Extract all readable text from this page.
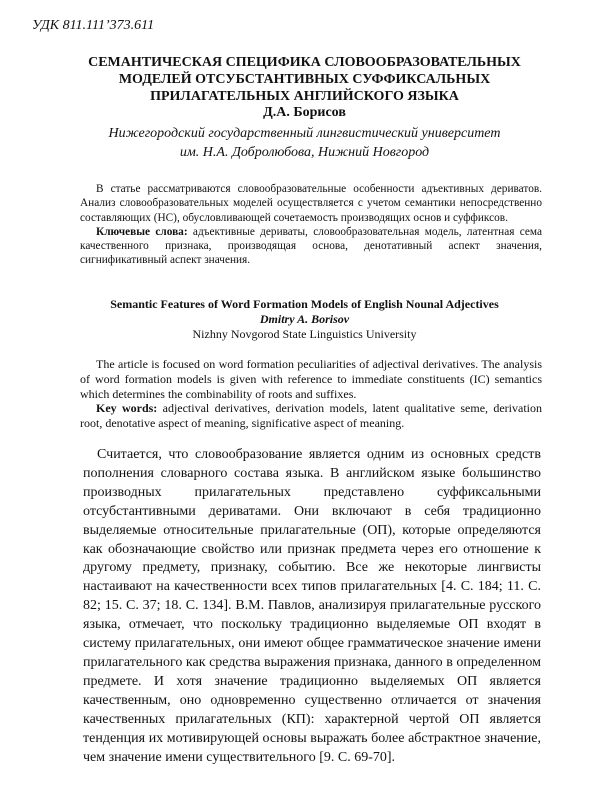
УДК 811.111’373.611
СЕМАНТИЧЕСКАЯ СПЕЦИФИКА СЛОВООБРАЗОВАТЕЛЬНЫХ
МОДЕЛЕЙ ОТСУБСТАНТИВНЫХ СУФФИКСАЛЬНЫХ
ПРИЛАГАТЕЛЬНЫХ АНГЛИЙСКОГО ЯЗЫКА
Д.А. Борисов
Нижегородский государственный лингвистический университет
им. Н.А. Добролюбова, Нижний Новгород

В статье рассматриваются словообразовательные особенности адъективных дериватов. Анализ словообразовательных моделей осуществляется с учетом семантики непосредственно составляющих (НС), обусловливающей сочетаемость производящих основ и суффиксов.

Ключевые слова: адъективные дериваты, словообразовательная модель, латентная сема качественного признака, производящая основа, денотативный аспект значения, сигнификативный аспект значения.

Semantic Features of Word Formation Models of English Nounal Adjectives
Dmitry A. Borisov
Nizhny Novgorod State Linguistics University

The article is focused on word formation peculiarities of adjectival derivatives. The analysis of word formation models is given with reference to immediate constituents (IC) semantics which determines the combinability of roots and suffixes.

Key words: adjectival derivatives, derivation models, latent qualitative seme, derivation root, denotative aspect of meaning, significative aspect of meaning.

Считается, что словообразование является одним из основных средств пополнения словарного состава языка. В английском языке большинство производных прилагательных представлено суффиксальными отсубстантивными дериватами. Они включают в себя традиционно выделяемые относительные прилагательные (ОП), которые определяются как обозначающие свойство или признак предмета через его отношение к другому предмету, признаку, событию. Все же некоторые лингвисты настаивают на качественности всех типов прилагательных [4. С. 184; 11. С. 82; 15. С. 37; 18. С. 134]. В.М. Павлов, анализируя прилагательные русского языка, отмечает, что поскольку традиционно выделяемые ОП входят в систему прилагательных, они имеют общее грамматическое значение имени прилагательного как средства выражения признака, данного в определенном предмете. И хотя значение традиционно выделяемых ОП является качественным, оно одновременно существенно отличается от значения качественных прилагательных (КП): характерной чертой ОП является тенденция их мотивирующей основы выражать более абстрактное значение, чем значение имени существительного [9. С. 69-70].
